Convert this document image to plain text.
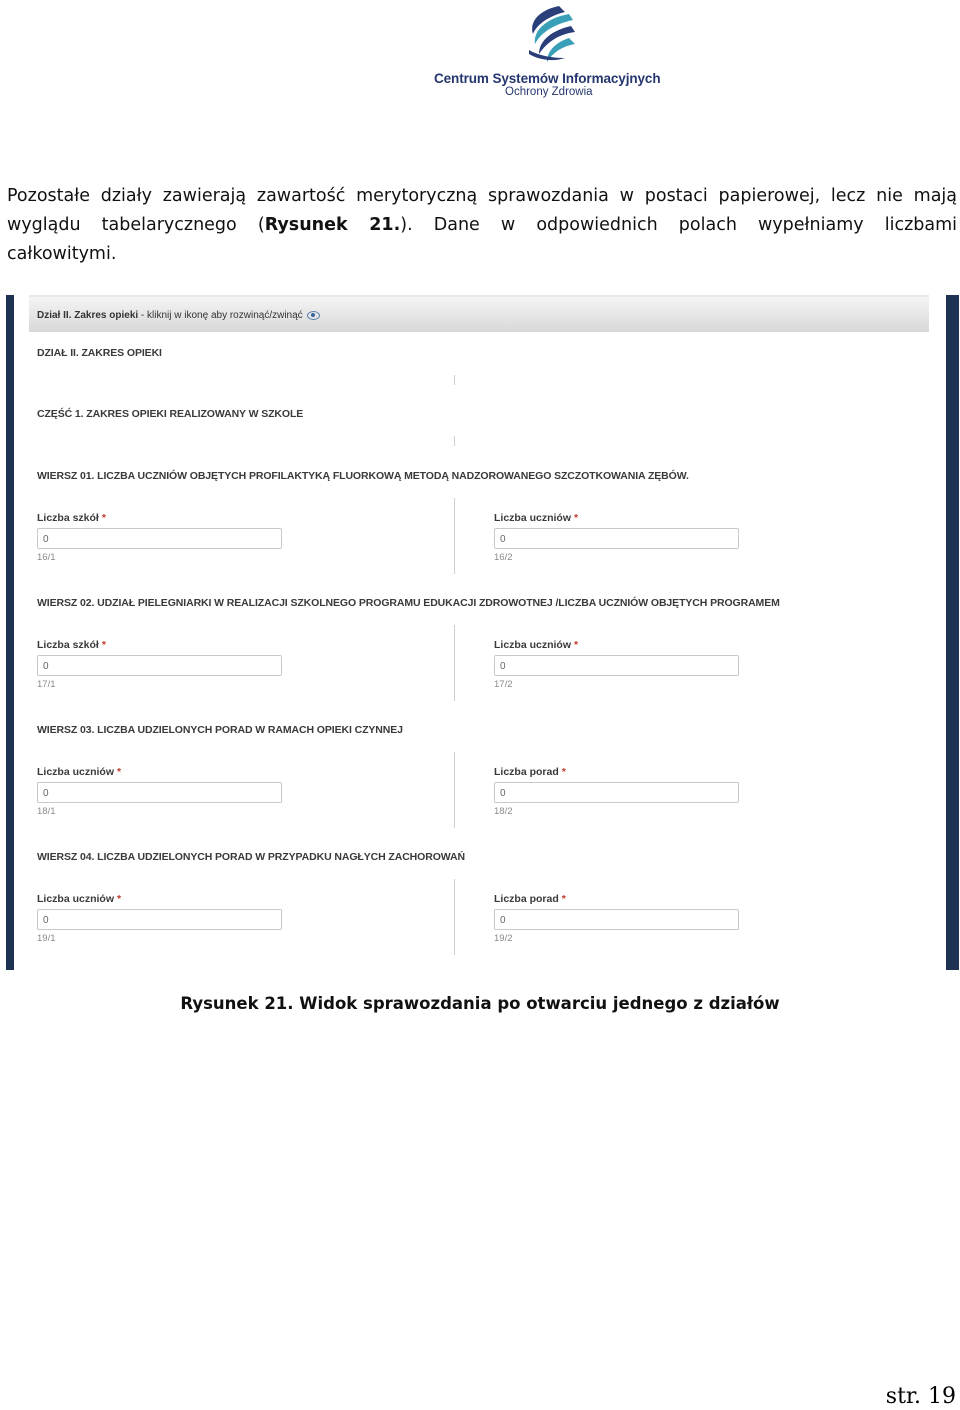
Centrum Systemów Informacyjnych
Ochrony Zdrowia
Pozostałe działy zawierają zawartość merytoryczną sprawozdania w postaci papierowej, lecz nie mają
wyglądu tabelarycznego (Rysunek 21.). Dane w odpowiednich polach wypełniamy liczbami
całkowitymi.
Dział II. Zakres opieki - kliknij w ikonę aby rozwinąć/zwinąć
DZIAŁ II. ZAKRES OPIEKI
CZĘŚĆ 1. ZAKRES OPIEKI REALIZOWANY W SZKOLE
WIERSZ 01. LICZBA UCZNIÓW OBJĘTYCH PROFILAKTYKĄ FLUORKOWĄ METODĄ NADZOROWANEGO SZCZOTKOWANIA ZĘBÓW.
Liczba szkół *
0
16/1
Liczba uczniów *
0
16/2
WIERSZ 02. UDZIAŁ PIELEGNIARKI W REALIZACJI SZKOLNEGO PROGRAMU EDUKACJI ZDROWOTNEJ /LICZBA UCZNIÓW OBJĘTYCH PROGRAMEM
Liczba szkół *
0
17/1
Liczba uczniów *
0
17/2
WIERSZ 03. LICZBA UDZIELONYCH PORAD W RAMACH OPIEKI CZYNNEJ
Liczba uczniów *
0
18/1
Liczba porad *
0
18/2
WIERSZ 04. LICZBA UDZIELONYCH PORAD W PRZYPADKU NAGŁYCH ZACHOROWAŃ
Liczba uczniów *
0
19/1
Liczba porad *
0
19/2
Rysunek 21. Widok sprawozdania po otwarciu jednego z działów
str. 19
